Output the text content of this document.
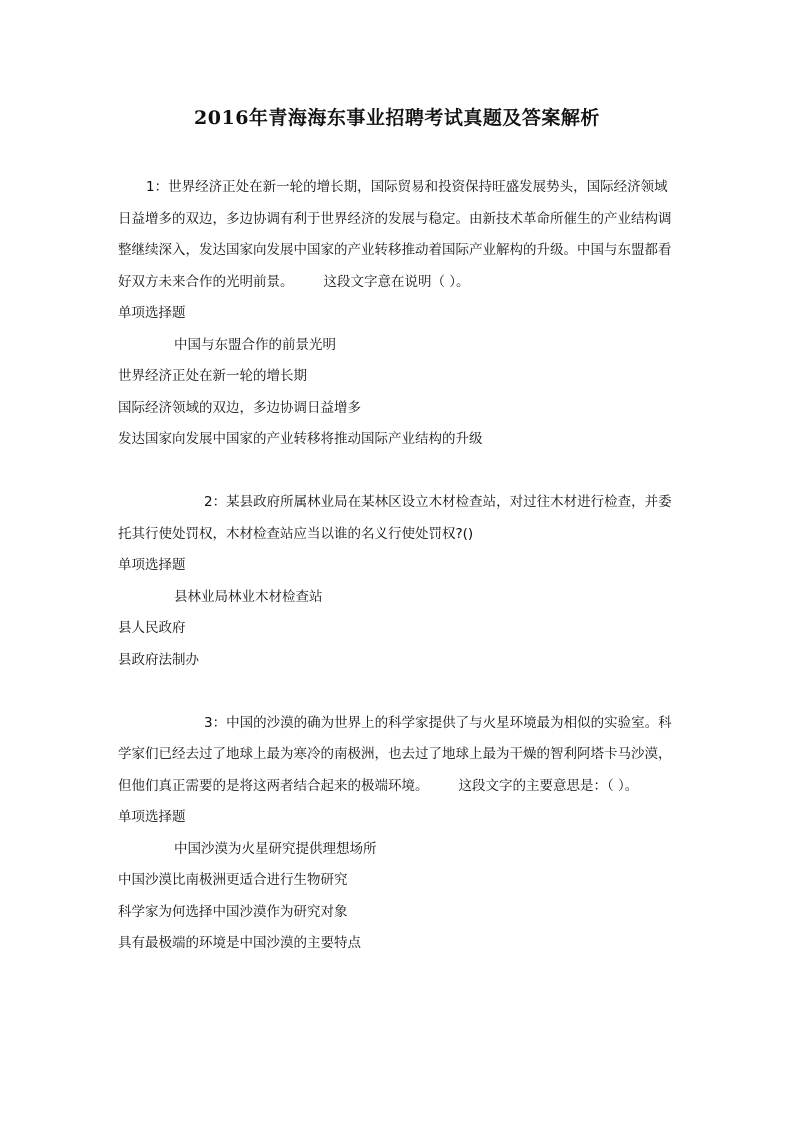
2016年青海海东事业招聘考试真题及答案解析

1：世界经济正处在新一轮的增长期，国际贸易和投资保持旺盛发展势头，国际经济领域日益增多的双边，多边协调有利于世界经济的发展与稳定。由新技术革命所催生的产业结构调整继续深入，发达国家向发展中国家的产业转移推动着国际产业解构的升级。中国与东盟都看好双方未来合作的光明前景。 这段文字意在说明（ ）。

单项选择题
中国与东盟合作的前景光明
世界经济正处在新一轮的增长期
国际经济领域的双边，多边协调日益增多
发达国家向发展中国家的产业转移将推动国际产业结构的升级

2：某县政府所属林业局在某林区设立木材检查站，对过往木材进行检查，并委托其行使处罚权，木材检查站应当以谁的名义行使处罚权?()

单项选择题
县林业局林业木材检查站
县人民政府
县政府法制办

3：中国的沙漠的确为世界上的科学家提供了与火星环境最为相似的实验室。科学家们已经去过了地球上最为寒冷的南极洲，也去过了地球上最为干燥的智利阿塔卡马沙漠，但他们真正需要的是将这两者结合起来的极端环境。 这段文字的主要意思是：（ ）。

单项选择题
中国沙漠为火星研究提供理想场所
中国沙漠比南极洲更适合进行生物研究
科学家为何选择中国沙漠作为研究对象
具有最极端的环境是中国沙漠的主要特点
